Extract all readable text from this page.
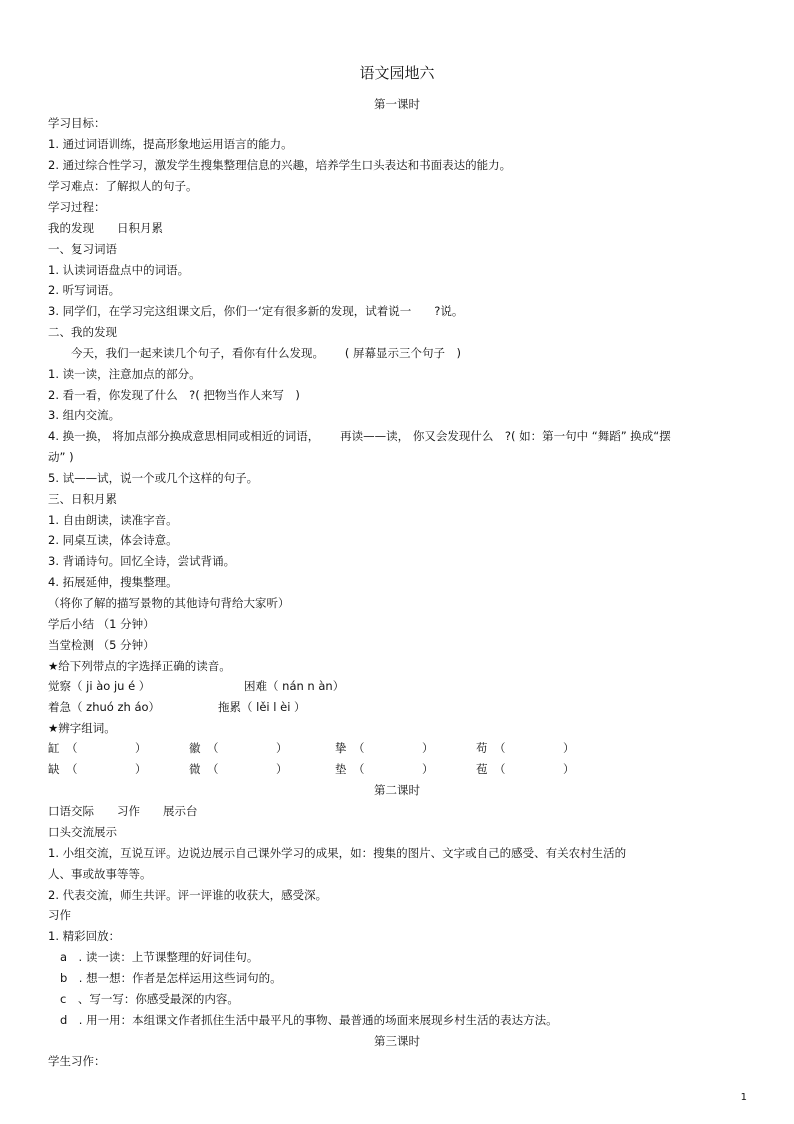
语文园地六
第一课时
学习目标：
1. 通过词语训练，提高形象地运用语言的能力。
2. 通过综合性学习，激发学生搜集整理信息的兴趣，培养学生口头表达和书面表达的能力。
学习难点：了解拟人的句子。
学习过程：
我的发现　　日积月累
一、复习词语
1. 认读词语盘点中的词语。
2. 听写词语。
3. 同学们，在学习完这组课文后，你们一‘定有很多新的发现，试着说一　　?说。
二、我的发现
　　今天，我们一起来读几个句子，看你有什么发现。　　 ( 屏幕显示三个句子　)
1. 读一读，注意加点的部分。
2. 看一看，你发现了什么　?( 把物当作人来写　)
3. 组内交流。
4. 换一换， 将加点部分换成意思相同或相近的词语，　　 再读——读， 你又会发现什么　?( 如：第一句中 “舞蹈” 换成“摆
动” )
5. 试——试，说一个或几个这样的句子。
三、日积月累
1. 自由朗读，读准字音。
2. 同桌互读，体会诗意。
3. 背诵诗句。回忆全诗，尝试背诵。
4. 拓展延伸，搜集整理。
（将你了解的描写景物的其他诗句背给大家听）
学后小结 （1 分钟）
当堂检测 （5 分钟）
★给下列带点的字选择正确的读音。
觉察（ ji ào ju é ）	困难（ nán n àn）
着急（ zhuó zh áo）	拖累（ lěi l èi ）
★辨字组词。
缸 （　　　　　）	徽 （　　　　　）	挚 （　　　　　）	苟 （　　　　　）
缺 （　　　　　）	微 （　　　　　）	垫 （　　　　　）	苞 （　　　　　）
第二课时
口语交际　　习作　　展示台
口头交流展示
1. 小组交流，互说互评。边说边展示自己课外学习的成果，如：搜集的图片、文字或自己的感受、有关农村生活的
人、事或故事等等。
2. 代表交流，师生共评。评一评谁的收获大，感受深。
习作
1. 精彩回放：
a　. 读一读：上节课整理的好词佳句。
b　. 想一想：作者是怎样运用这些词句的。
c　、写一写：你感受最深的内容。
d　. 用一用：本组课文作者抓住生活中最平凡的事物、最普通的场面来展现乡村生活的表达方法。
第三课时
学生习作：
1
